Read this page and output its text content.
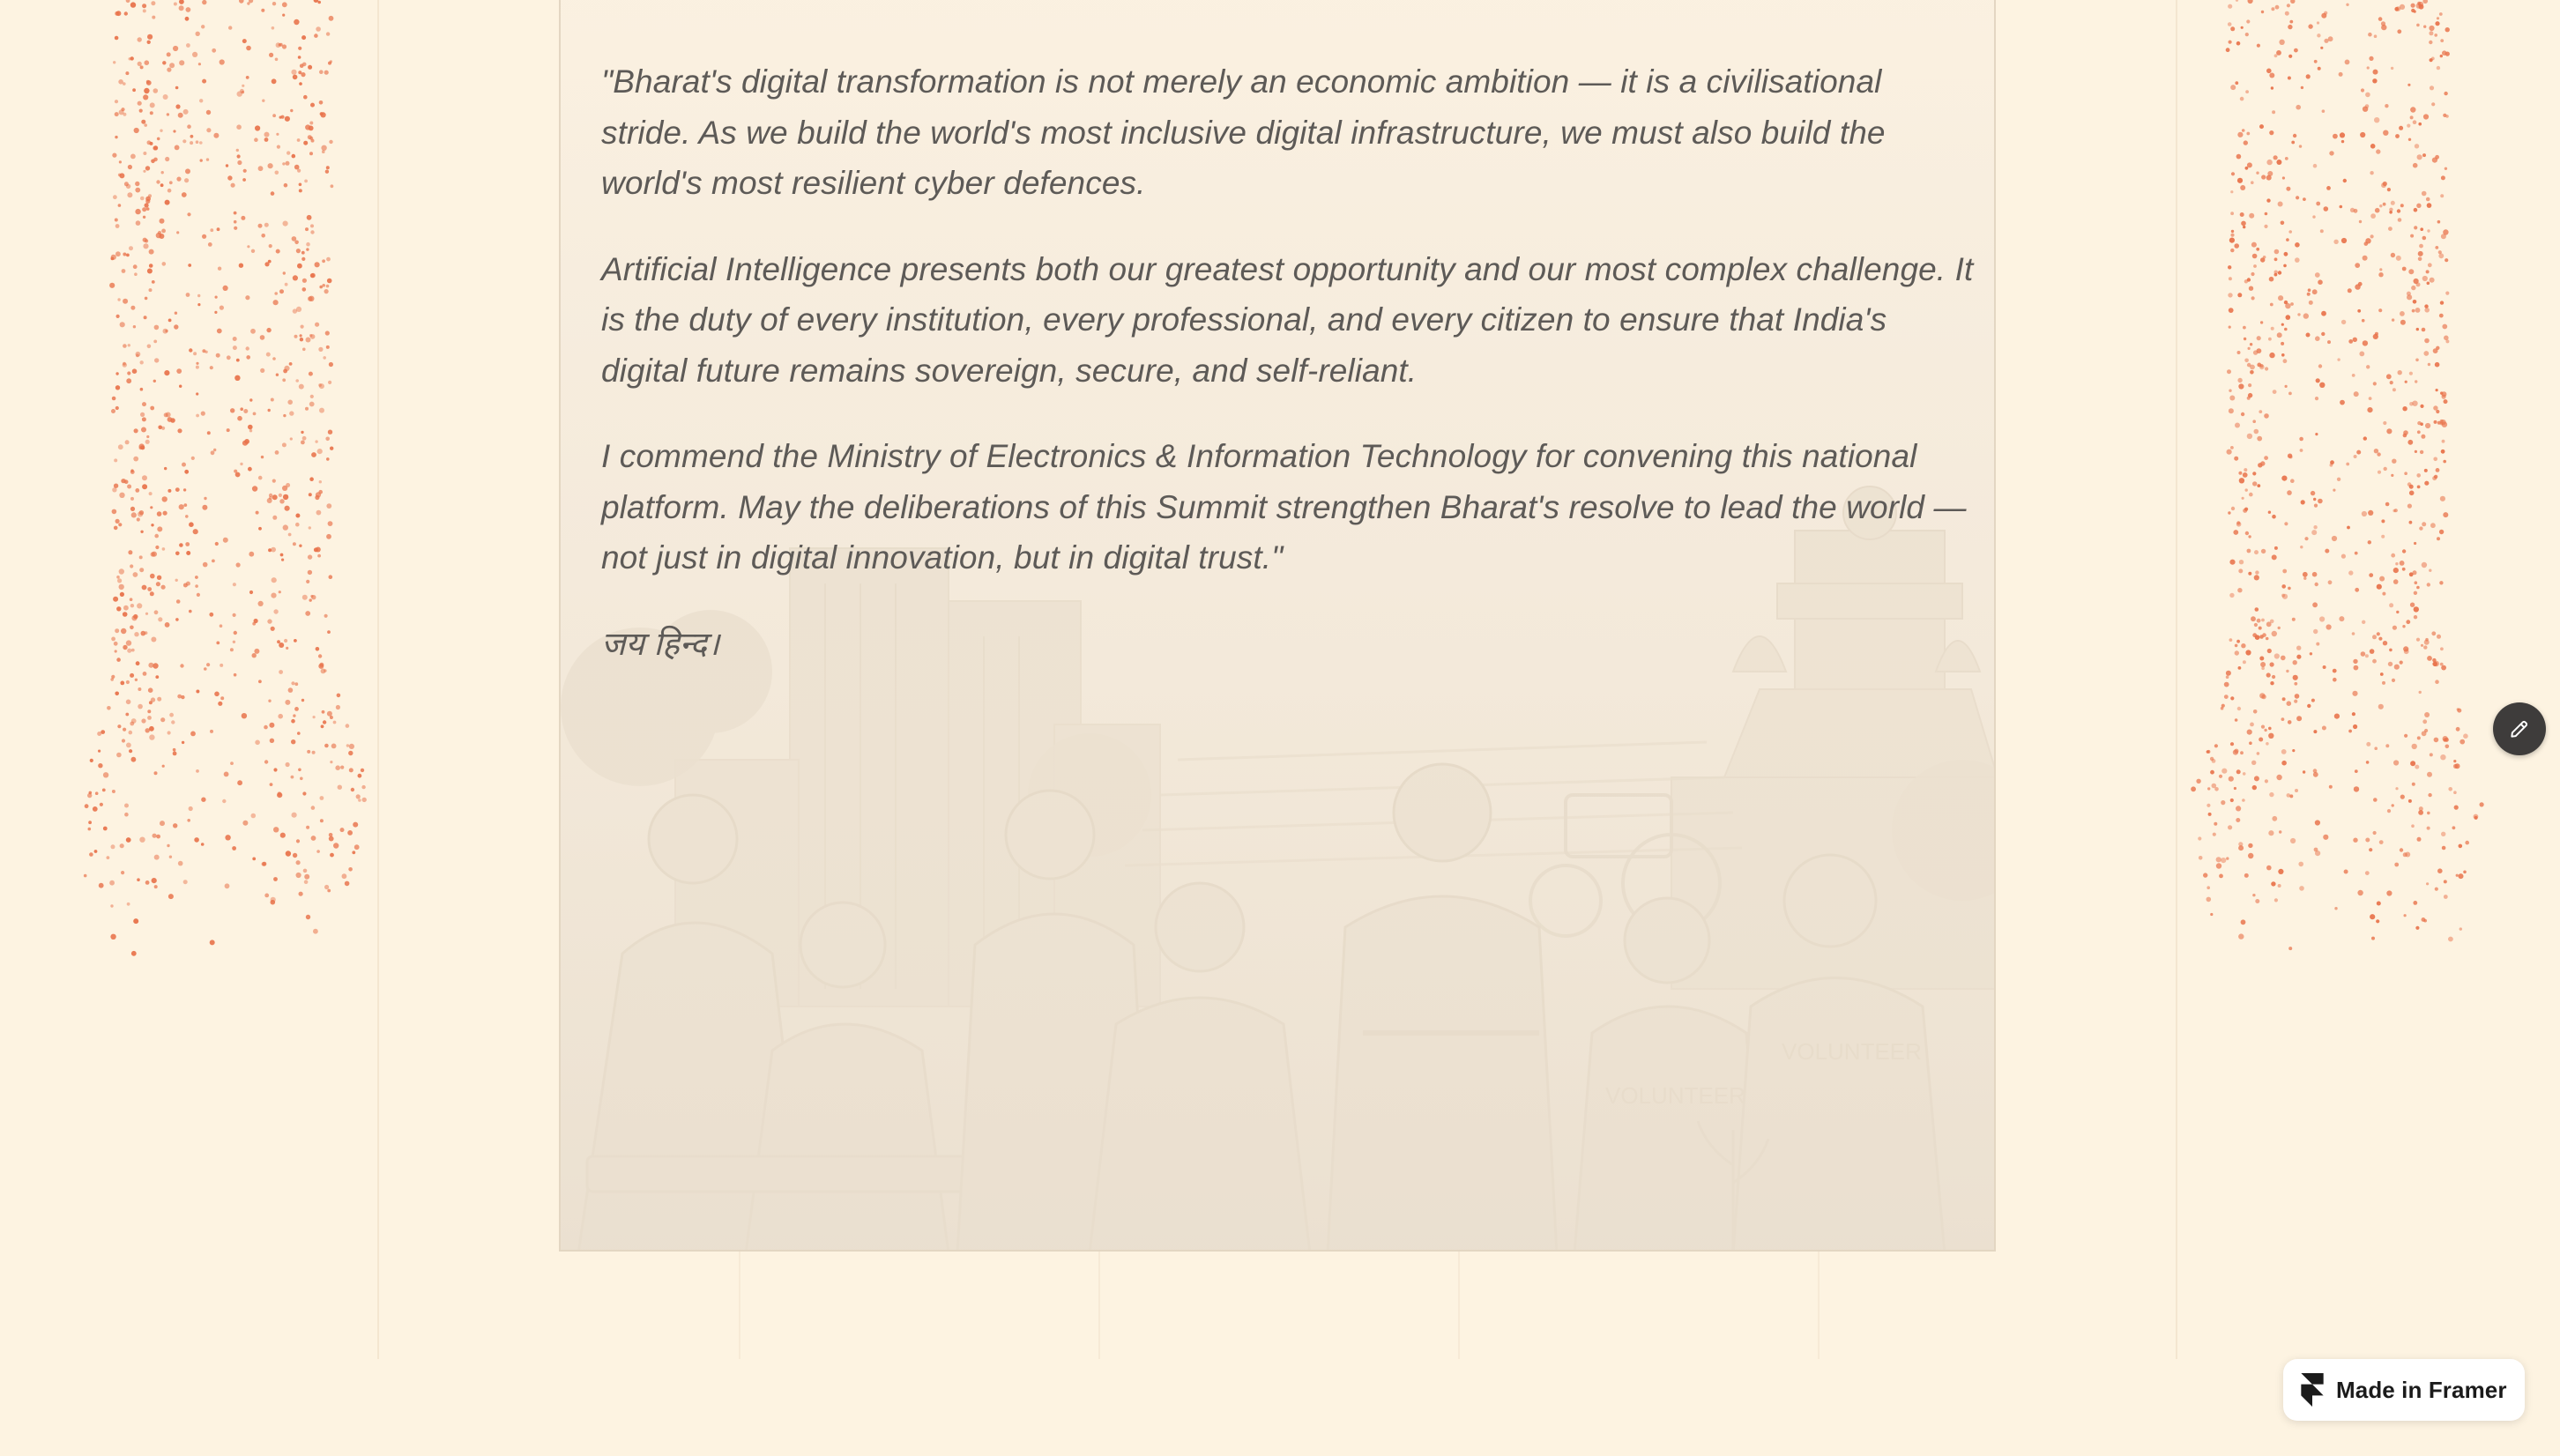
"Bharat's digital transformation is not merely an economic ambition — it is a civilisational stride. As we build the world's most inclusive digital infrastructure, we must also build the world's most resilient cyber defences.

Artificial Intelligence presents both our greatest opportunity and our most complex challenge. It is the duty of every institution, every professional, and every citizen to ensure that India's digital future remains sovereign, secure, and self-reliant.

I commend the Ministry of Electronics & Information Technology for convening this national platform. May the deliberations of this Summit strengthen Bharat's resolve to lead the world — not just in digital innovation, but in digital trust."

जय हिन्द।

Made in Framer
